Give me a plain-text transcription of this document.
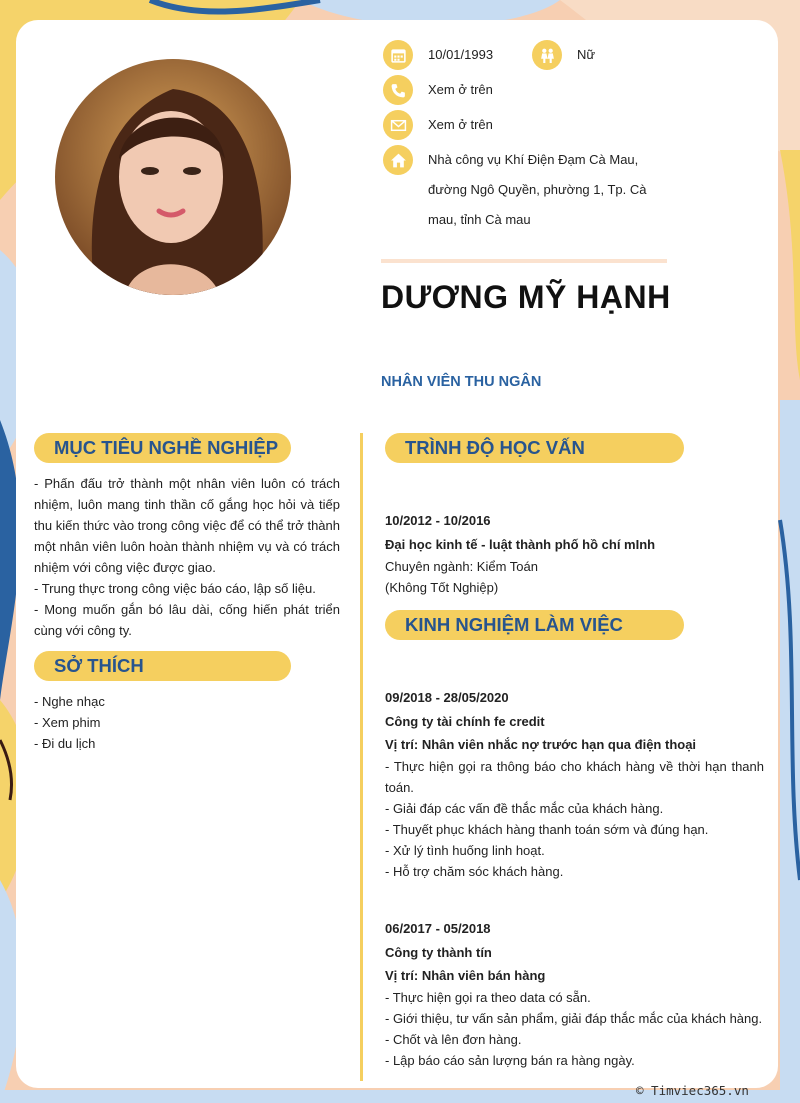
10/01/1993	Nữ
Xem ở trên
Xem ở trên
Nhà công vụ Khí Điện Đạm Cà Mau, đường Ngô Quyền, phường 1, Tp. Cà mau, tỉnh Cà mau
DƯƠNG MỸ HẠNH
NHÂN VIÊN THU NGÂN
MỤC TIÊU NGHỀ NGHIỆP

- Phấn đấu trở thành một nhân viên luôn có trách nhiệm, luôn mang tinh thần cố gắng học hỏi và tiếp thu kiến thức vào trong công việc để có thể trở thành một nhân viên luôn hoàn thành nhiệm vụ và có trách nhiệm với công việc được giao.

- Trung thực trong công việc báo cáo, lập số liệu.

- Mong muốn gắn bó lâu dài, cống hiến phát triển cùng với công ty.

SỞ THÍCH
- Nghe nhạc
- Xem phim
- Đi du lịch
TRÌNH ĐỘ HỌC VẤN
10/2012 - 10/2016
Đại học kinh tế - luật thành phố hồ chí mInh
Chuyên ngành: Kiểm Toán
(Không Tốt Nghiệp)
KINH NGHIỆM LÀM VIỆC
09/2018 - 28/05/2020
Công ty tài chính fe credit
Vị trí: Nhân viên nhắc nợ trước hạn qua điện thoại
- Thực hiện gọi ra thông báo cho khách hàng về thời hạn thanh toán.
- Giải đáp các vấn đề thắc mắc của khách hàng.
- Thuyết phục khách hàng thanh toán sớm và đúng hạn.
- Xử lý tình huống linh hoạt.
- Hỗ trợ chăm sóc khách hàng.
06/2017 - 05/2018
Công ty thành tín
Vị trí: Nhân viên bán hàng
- Thực hiện gọi ra theo data có sẵn.
- Giới thiệu, tư vấn sản phẩm, giải đáp thắc mắc của khách hàng.
- Chốt và lên đơn hàng.
- Lập báo cáo sản lượng bán ra hàng ngày.
© Timviec365.vn
